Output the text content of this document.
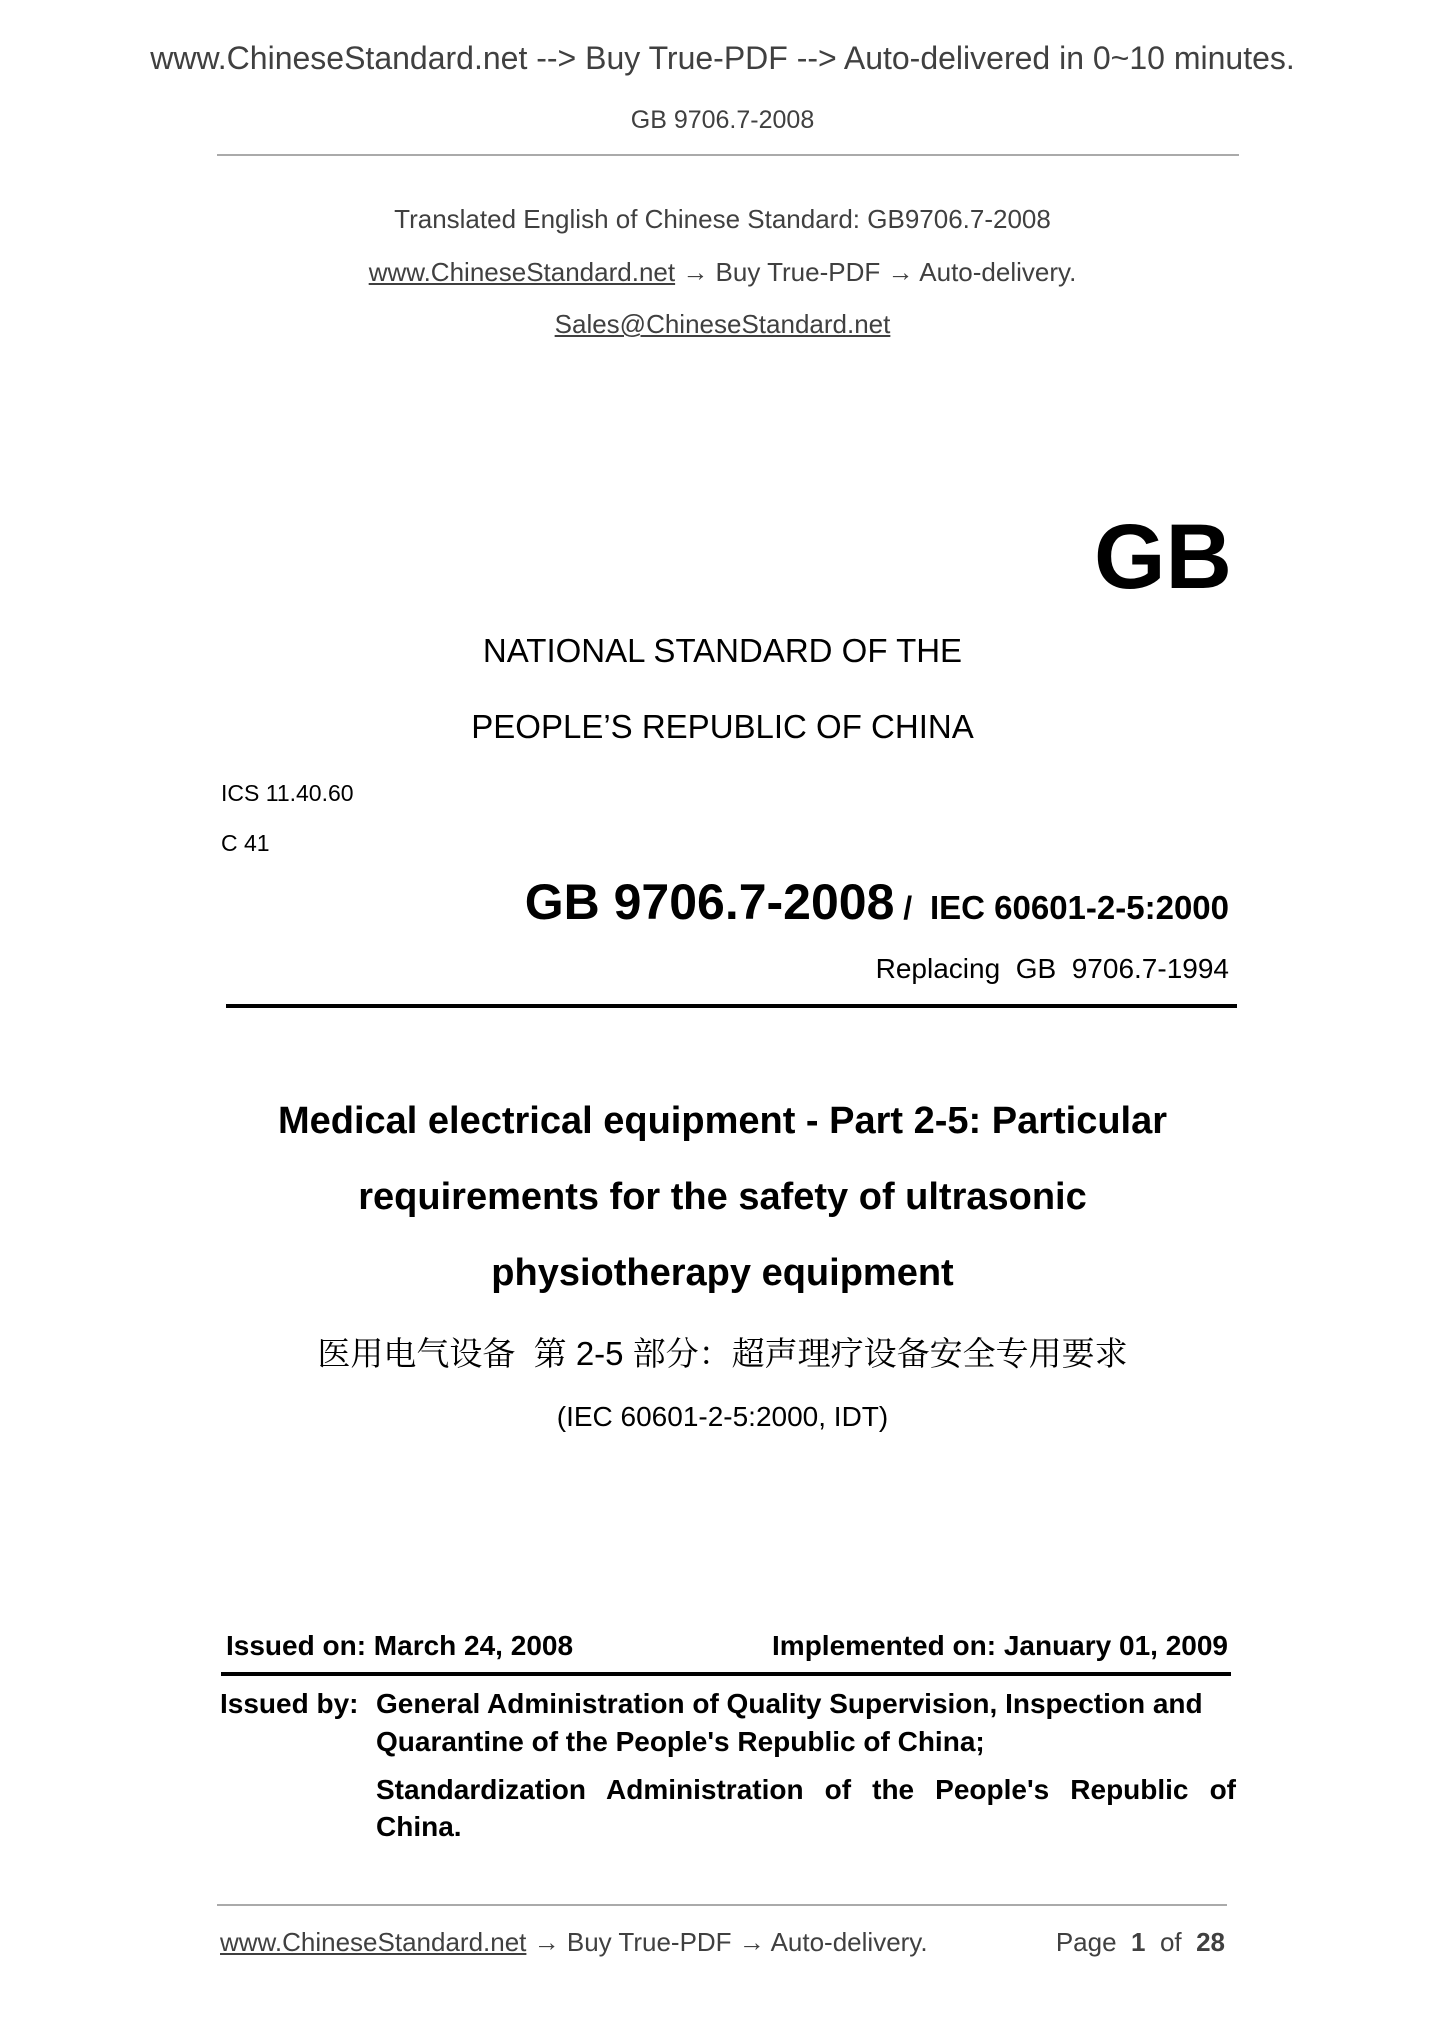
www.ChineseStandard.net --> Buy True-PDF --> Auto-delivered in 0~10 minutes.
GB 9706.7-2008
Translated English of Chinese Standard: GB9706.7-2008
www.ChineseStandard.net → Buy True-PDF → Auto-delivery.
Sales@ChineseStandard.net
GB
NATIONAL STANDARD OF THE
PEOPLE’S REPUBLIC OF CHINA
ICS 11.40.60
C 41
GB 9706.7-2008 /  IEC 60601-2-5:2000
Replacing  GB  9706.7-1994
Medical electrical equipment - Part 2-5: Particular
requirements for the safety of ultrasonic
physiotherapy equipment
医用电气设备  第 2-5 部分：超声理疗设备安全专用要求
(IEC 60601-2-5:2000, IDT)
Issued on: March 24, 2008	Implemented on: January 01, 2009
Issued by: General Administration of Quality Supervision, Inspection and
Quarantine of the People's Republic of China;
Standardization Administration of the People's Republic of
China.
www.ChineseStandard.net → Buy True-PDF → Auto-delivery.	Page 1 of 28
